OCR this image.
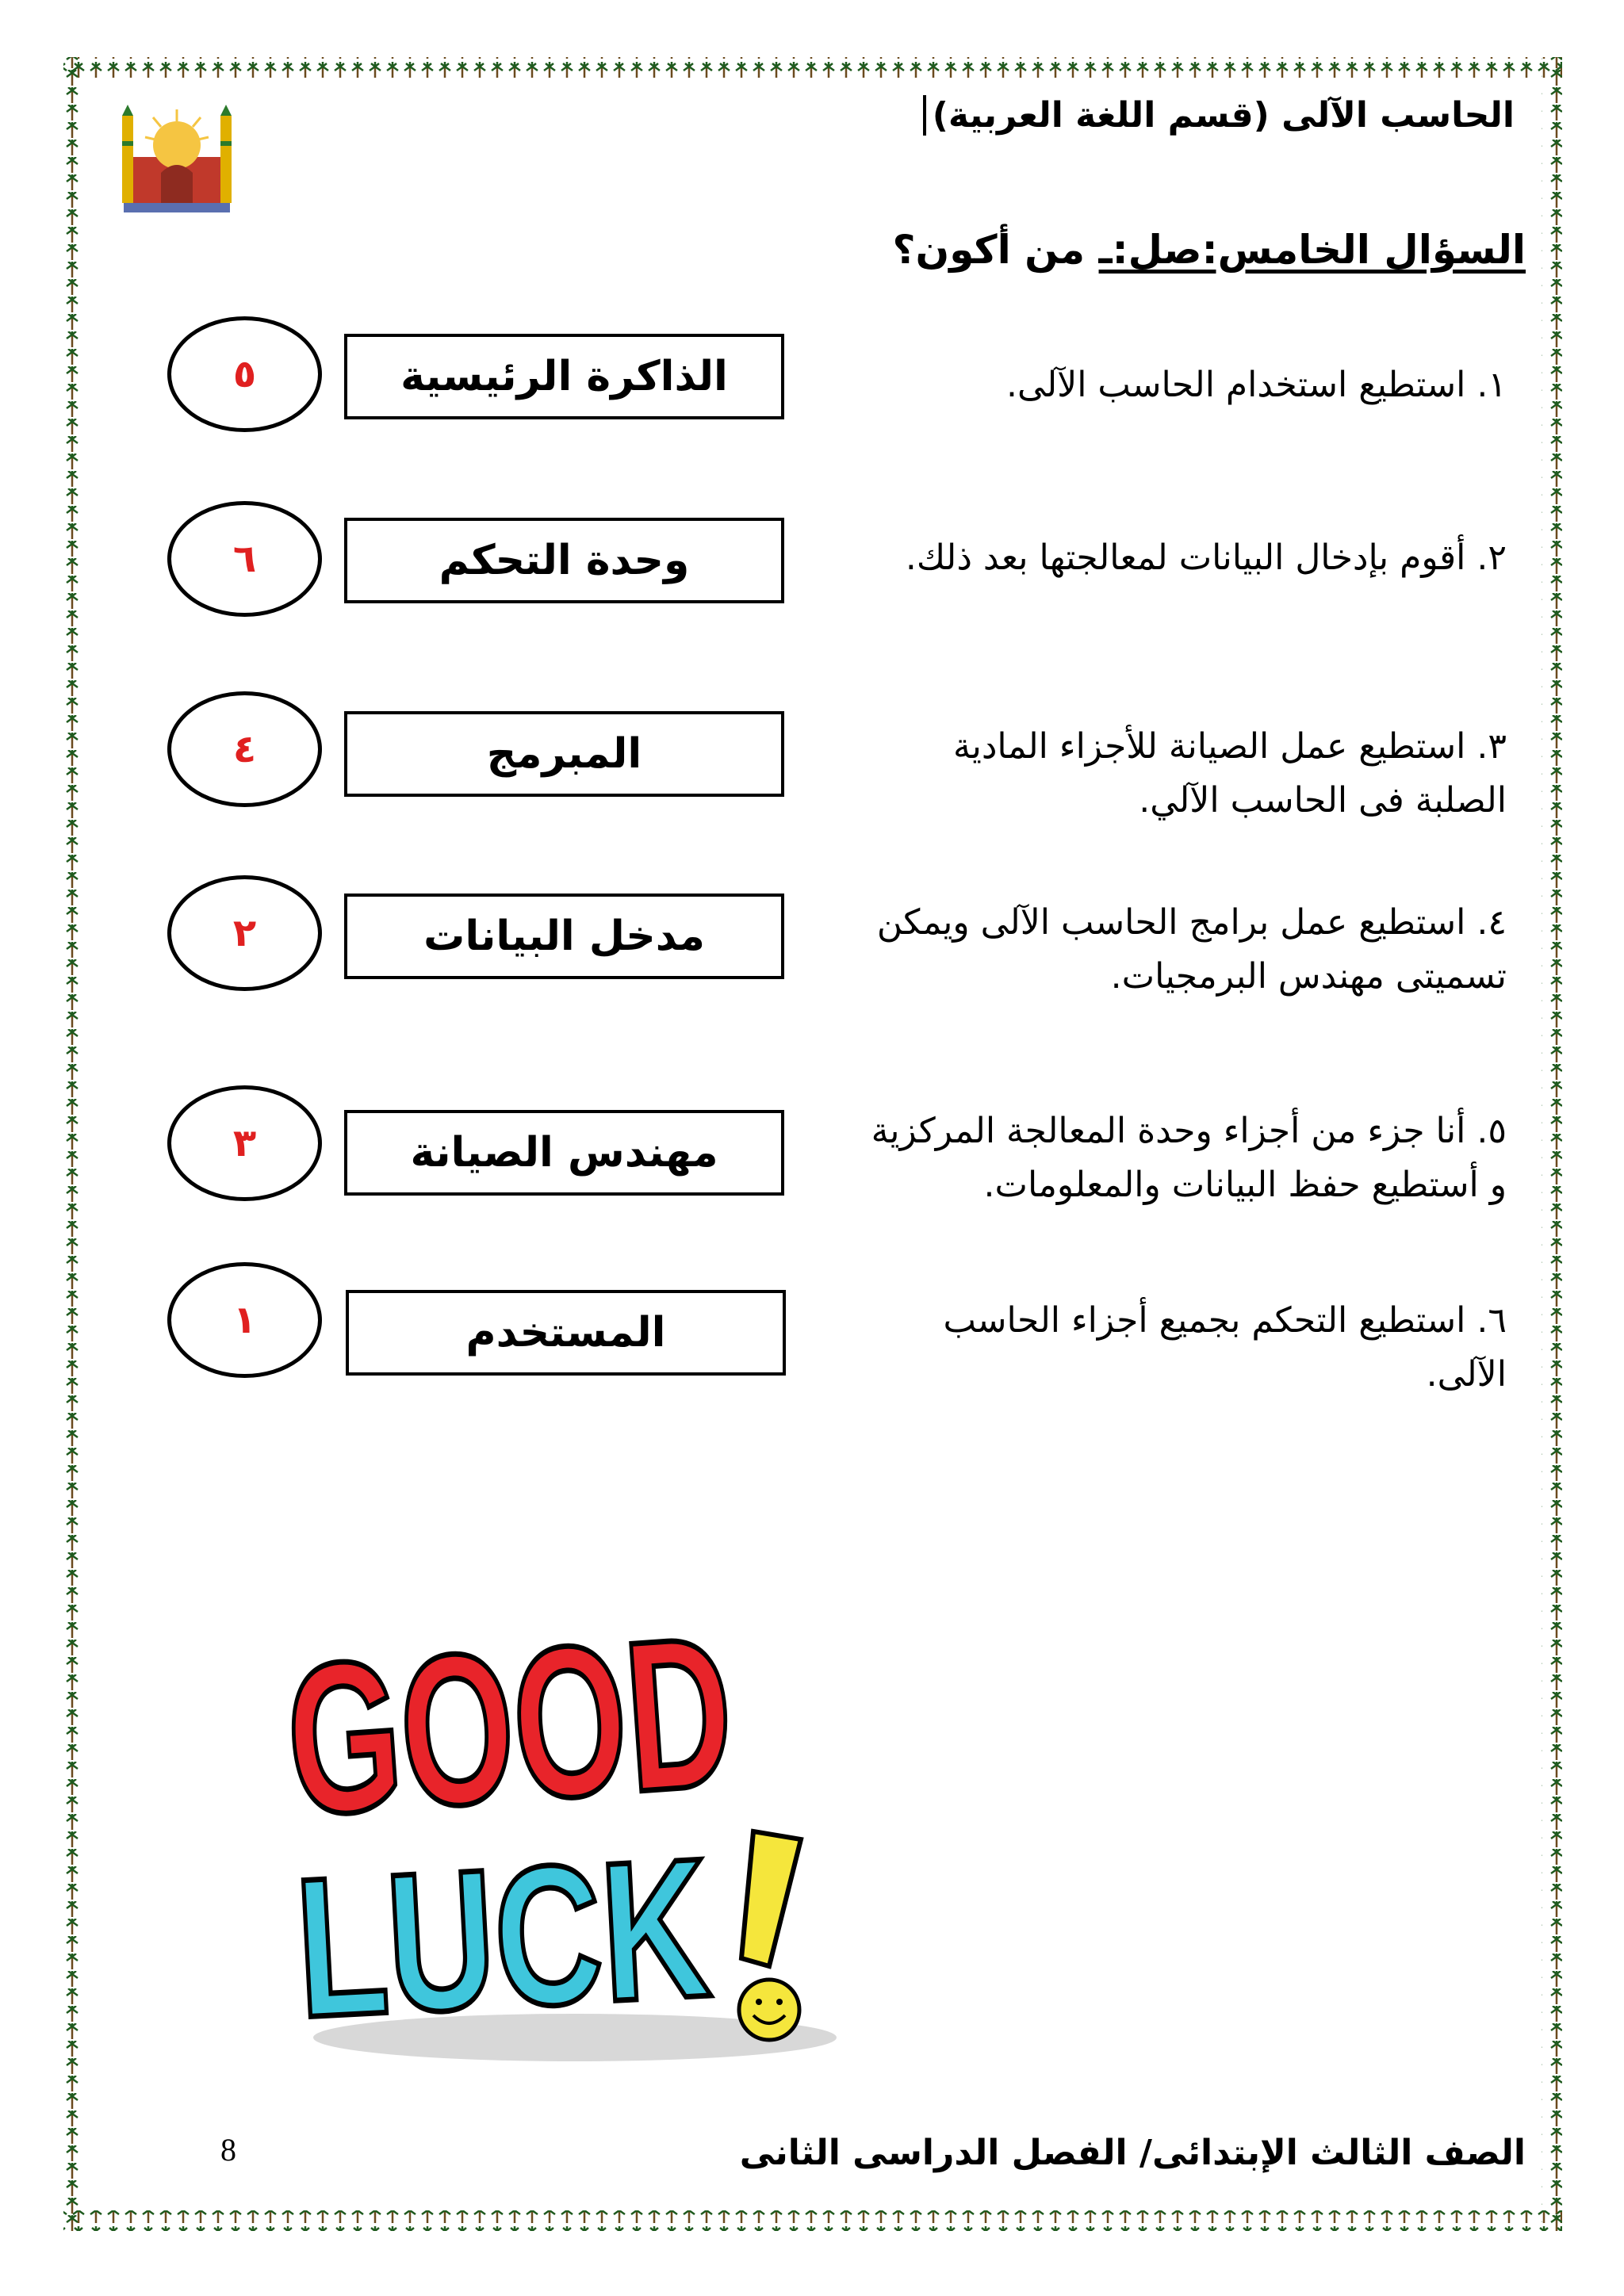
الحاسب الآلى (قسم اللغة العربية)
السؤال الخامس:صل:ـ من أكون؟
١. استطيع استخدام الحاسب الآلى.
الذاكرة الرئيسية
٥
٢. أقوم بإدخال البيانات لمعالجتها بعد ذلك.
وحدة التحكم
٦
٣. استطيع عمل الصيانة للأجزاء المادية
الصلبة فى الحاسب الآلي.
المبرمج
٤
٤. استطيع عمل برامج الحاسب الآلى ويمكن
تسميتى مهندس البرمجيات.
مدخل البيانات
٢
٥. أنا جزء من أجزاء وحدة المعالجة المركزية
و أستطيع حفظ البيانات والمعلومات.
مهندس الصيانة
٣
٦. استطيع التحكم بجميع أجزاء الحاسب
الآلى.
المستخدم
١
GOOD
LUCK
8	الصف الثالث الإبتدائى/ الفصل الدراسى الثانى
